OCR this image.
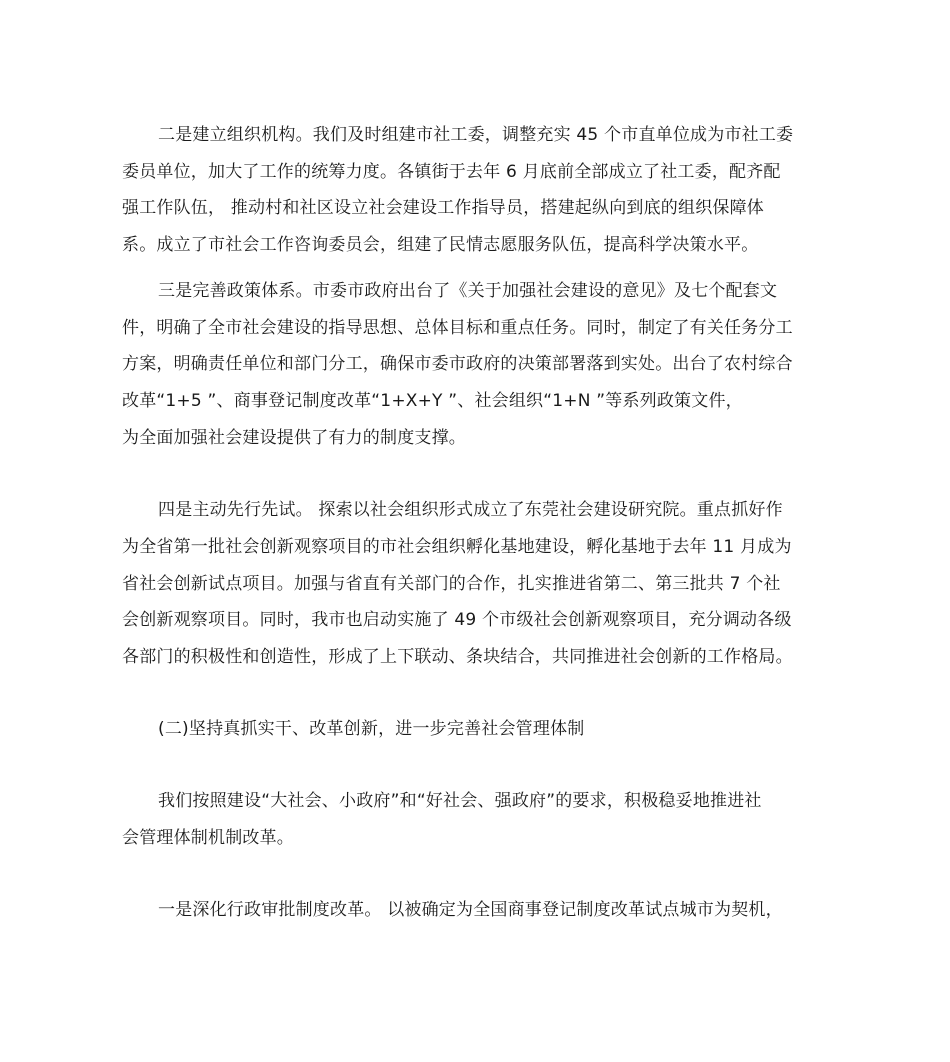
二是建立组织机构。我们及时组建市社工委，调整充实 45 个市直单位成为市社工委
委员单位，加大了工作的统筹力度。各镇街于去年 6 月底前全部成立了社工委，配齐配
强工作队伍， 推动村和社区设立社会建设工作指导员，搭建起纵向到底的组织保障体
系。成立了市社会工作咨询委员会，组建了民情志愿服务队伍，提高科学决策水平。
三是完善政策体系。市委市政府出台了《关于加强社会建设的意见》及七个配套文
件，明确了全市社会建设的指导思想、总体目标和重点任务。同时，制定了有关任务分工
方案，明确责任单位和部门分工，确保市委市政府的决策部署落到实处。出台了农村综合
改革“1+5 ”、商事登记制度改革“1+X+Y ”、社会组织“1+N ”等系列政策文件，
为全面加强社会建设提供了有力的制度支撑。
四是主动先行先试。 探索以社会组织形式成立了东莞社会建设研究院。重点抓好作
为全省第一批社会创新观察项目的市社会组织孵化基地建设，孵化基地于去年 11 月成为
省社会创新试点项目。加强与省直有关部门的合作，扎实推进省第二、第三批共 7 个社
会创新观察项目。同时，我市也启动实施了 49 个市级社会创新观察项目，充分调动各级
各部门的积极性和创造性，形成了上下联动、条块结合，共同推进社会创新的工作格局。
(二)坚持真抓实干、改革创新，进一步完善社会管理体制
我们按照建设“大社会、小政府”和“好社会、强政府”的要求，积极稳妥地推进社
会管理体制机制改革。
一是深化行政审批制度改革。 以被确定为全国商事登记制度改革试点城市为契机，
